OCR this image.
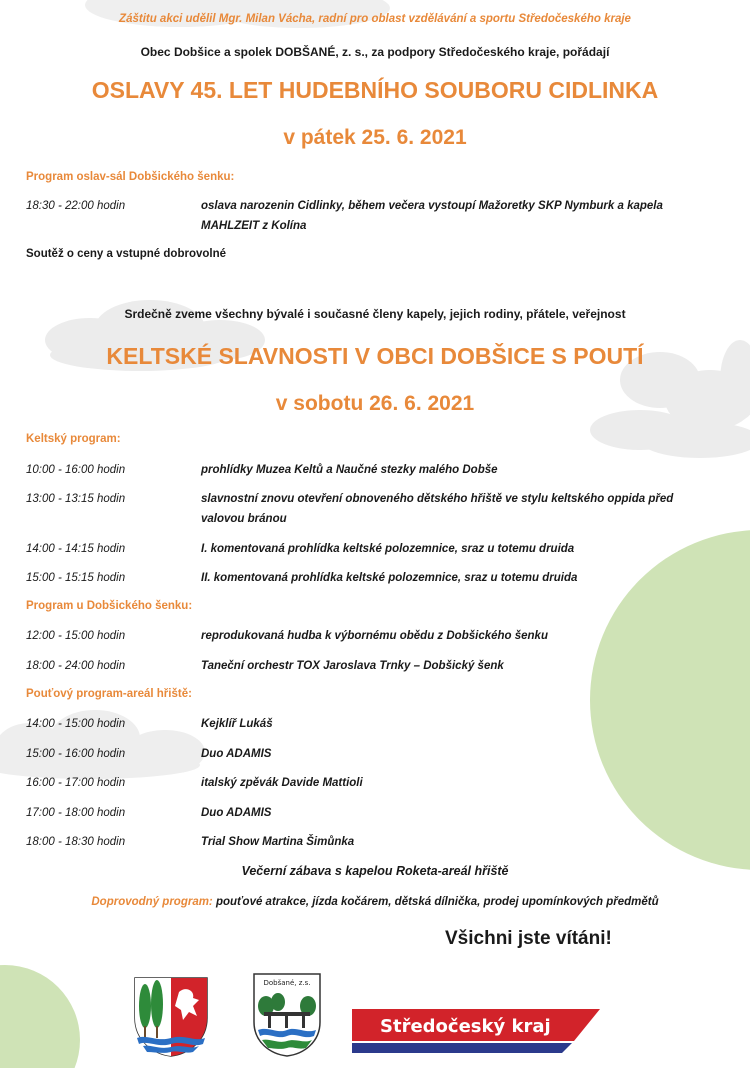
Záštitu akci udělil Mgr. Milan Vácha, radní pro oblast vzdělávání a sportu Středočeského kraje
Obec Dobšice a spolek DOBŠANÉ, z. s., za podpory Středočeského kraje, pořádají
OSLAVY 45. LET HUDEBNÍHO SOUBORU CIDLINKA
v pátek 25. 6. 2021
Program oslav-sál Dobšického šenku:
18:30 - 22:00 hodin	oslava narozenin Cidlinky, během večera vystoupí Mažoretky SKP Nymburk a kapela
MAHLZEIT z Kolína
Soutěž o ceny a vstupné dobrovolné
Srdečně zveme všechny bývalé i současné členy kapely, jejich rodiny, přátele, veřejnost
KELTSKÉ SLAVNOSTI V OBCI DOBŠICE S POUTÍ
v sobotu 26. 6. 2021
Keltský program:
10:00 - 16:00 hodin	prohlídky Muzea Keltů a Naučné stezky malého Dobše
13:00 - 13:15 hodin	slavnostní znovu otevření obnoveného dětského hřiště ve stylu keltského oppida před
valovou bránou
14:00 - 14:15 hodin	I. komentovaná prohlídka keltské polozemnice, sraz u totemu druida
15:00 - 15:15 hodin	II. komentovaná prohlídka keltské polozemnice, sraz u totemu druida
Program u Dobšického šenku:
12:00 - 15:00 hodin	reprodukovaná hudba k výbornému obědu z Dobšického šenku
18:00 - 24:00 hodin	Taneční orchestr TOX Jaroslava Trnky – Dobšický šenk
Pouťový program-areál hřiště:
14:00 - 15:00 hodin	Kejklíř Lukáš
15:00 - 16:00 hodin	Duo ADAMIS
16:00 - 17:00 hodin	italský zpěvák Davide Mattioli
17:00 - 18:00 hodin	Duo ADAMIS
18:00 - 18:30 hodin	Trial Show Martina Šimůnka
Večerní zábava s kapelou Roketa-areál hřiště
Doprovodný program: pouťové atrakce, jízda kočárem, dětská dílnička, prodej upomínkových předmětů
Všichni jste vítáni!
Dobšané, z.s.
Středočeský kraj
